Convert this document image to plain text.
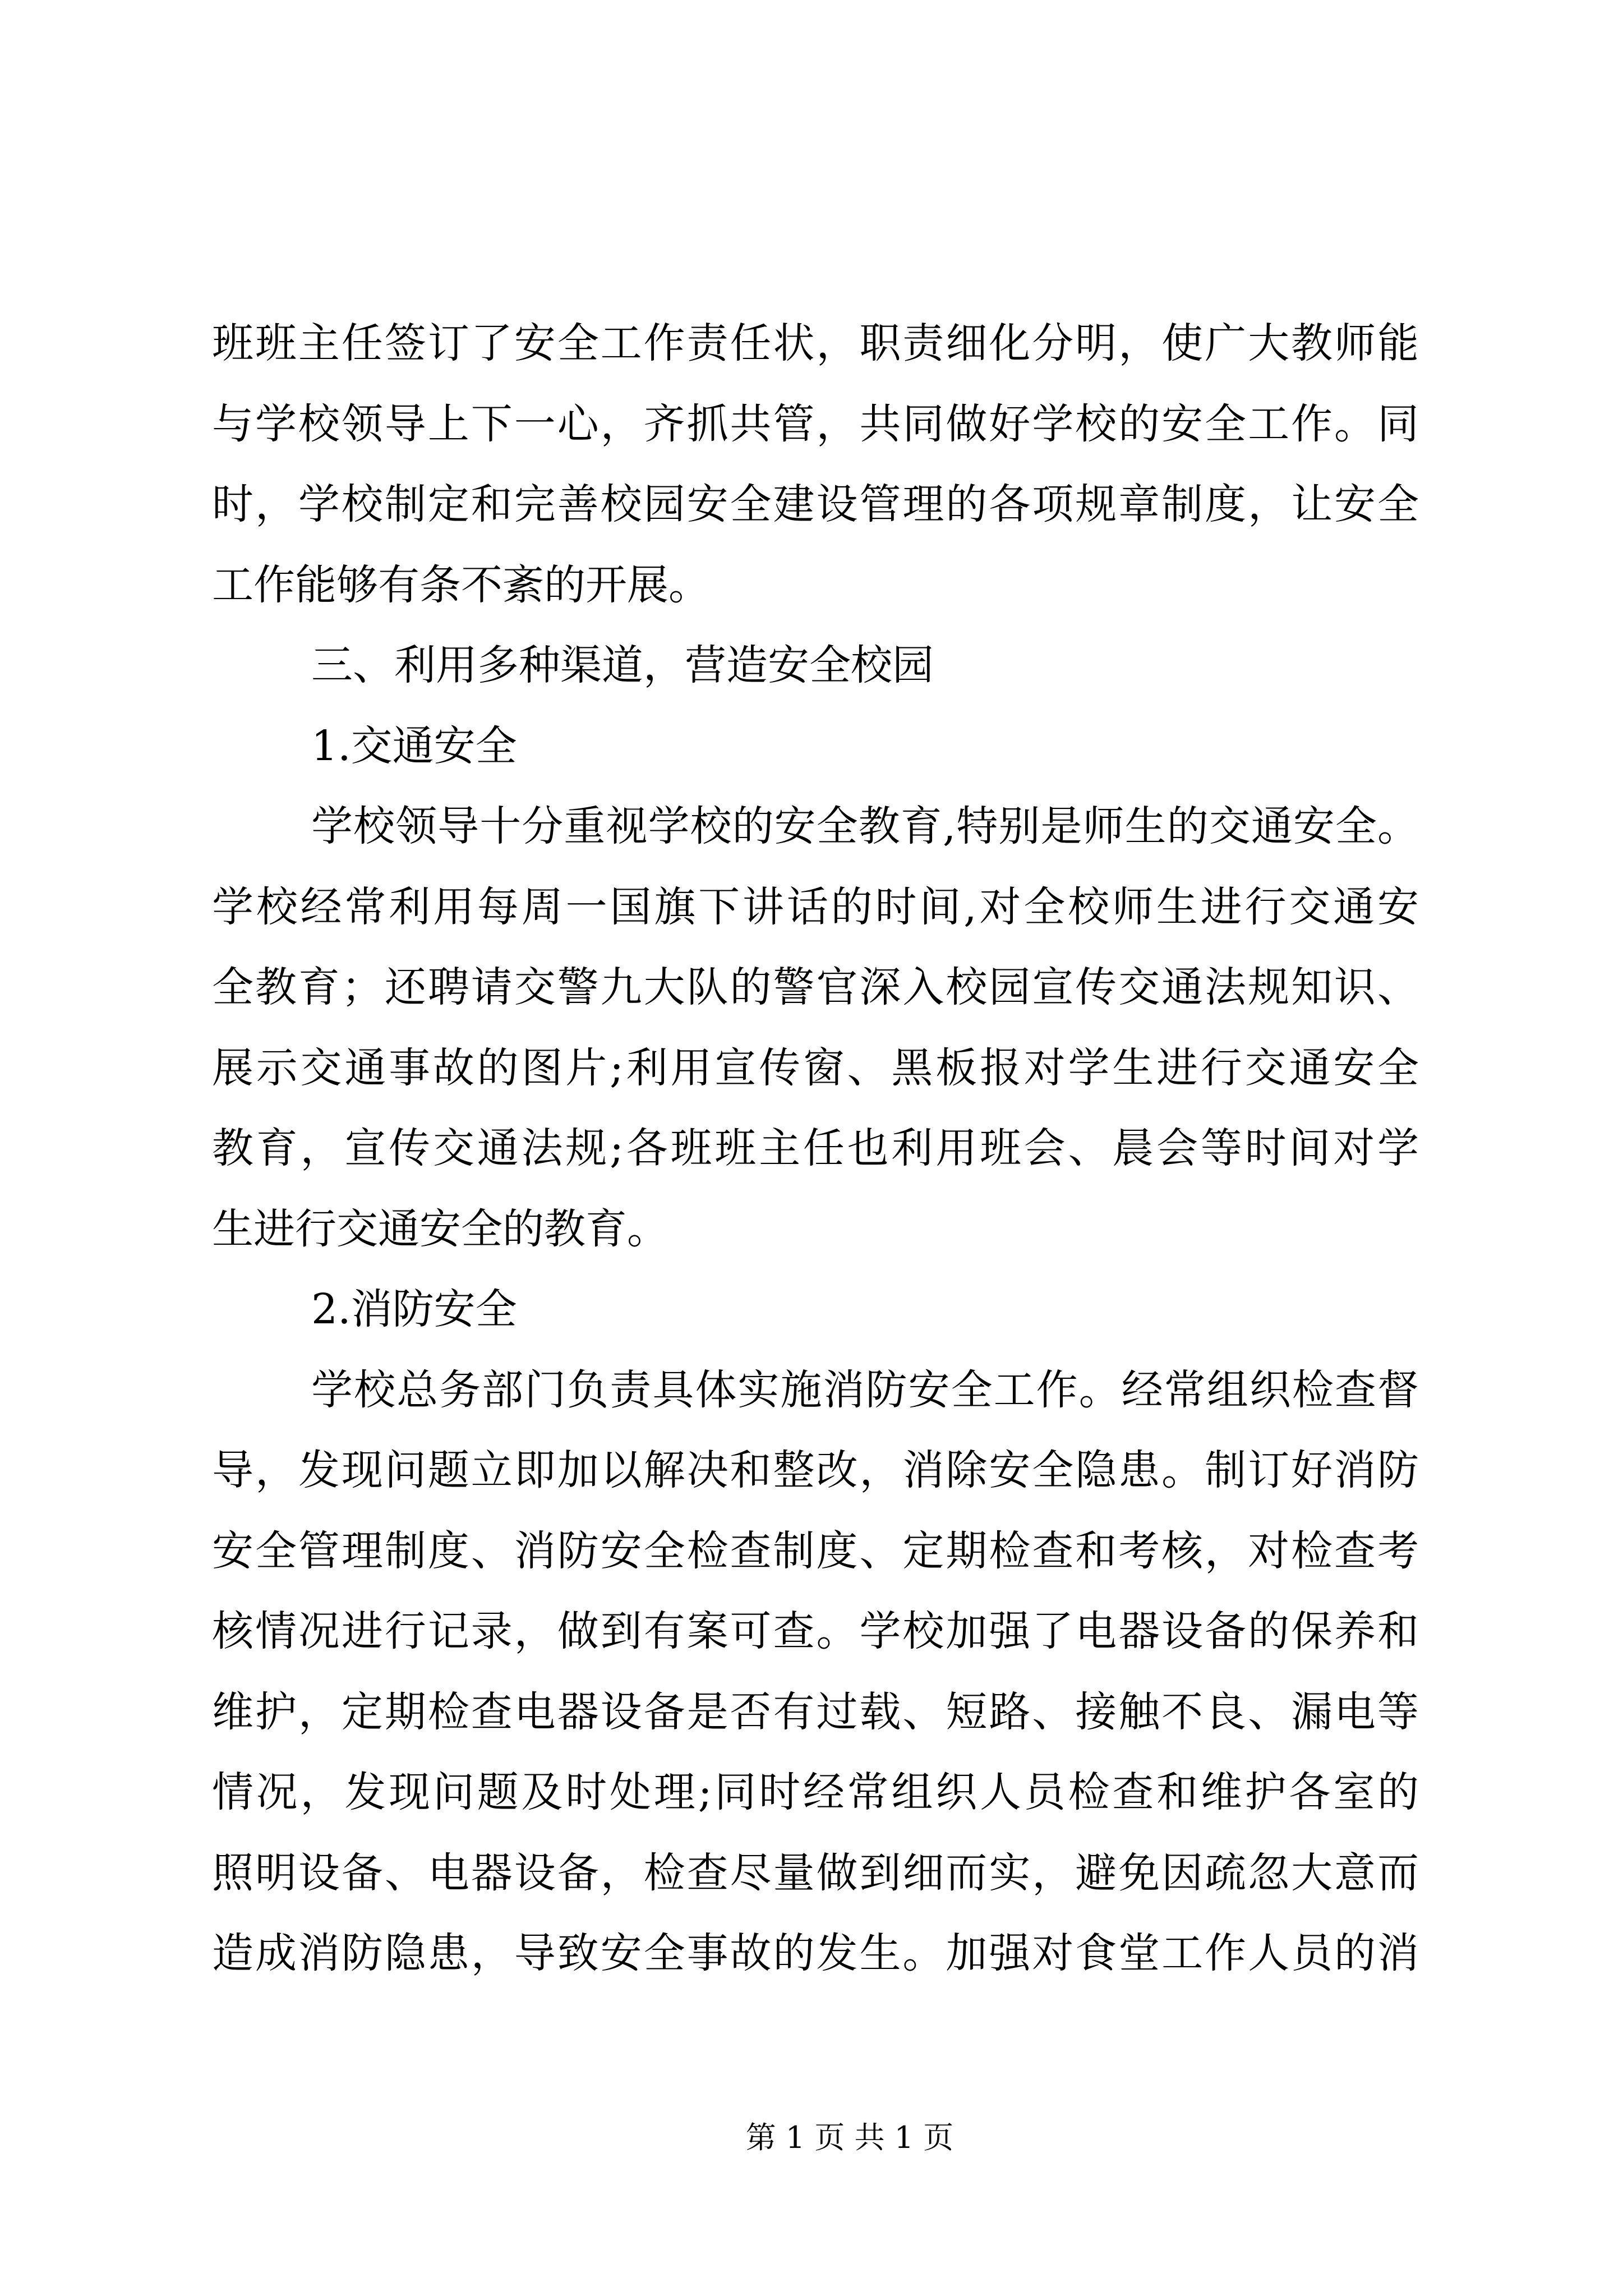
班班主任签订了安全工作责任状，职责细化分明，使广大教师能
与学校领导上下一心，齐抓共管，共同做好学校的安全工作。同
时，学校制定和完善校园安全建设管理的各项规章制度，让安全
工作能够有条不紊的开展。
三、利用多种渠道，营造安全校园
1.交通安全
学校领导十分重视学校的安全教育,特别是师生的交通安全。
学校经常利用每周一国旗下讲话的时间,对全校师生进行交通安
全教育；还聘请交警九大队的警官深入校园宣传交通法规知识、
展示交通事故的图片;利用宣传窗、黑板报对学生进行交通安全
教育，宣传交通法规;各班班主任也利用班会、晨会等时间对学
生进行交通安全的教育。
2.消防安全
学校总务部门负责具体实施消防安全工作。经常组织检查督
导，发现问题立即加以解决和整改，消除安全隐患。制订好消防
安全管理制度、消防安全检查制度、定期检查和考核，对检查考
核情况进行记录，做到有案可查。学校加强了电器设备的保养和
维护，定期检查电器设备是否有过载、短路、接触不良、漏电等
情况，发现问题及时处理;同时经常组织人员检查和维护各室的
照明设备、电器设备，检查尽量做到细而实，避免因疏忽大意而
造成消防隐患，导致安全事故的发生。加强对食堂工作人员的消
第 1 页 共 1 页
